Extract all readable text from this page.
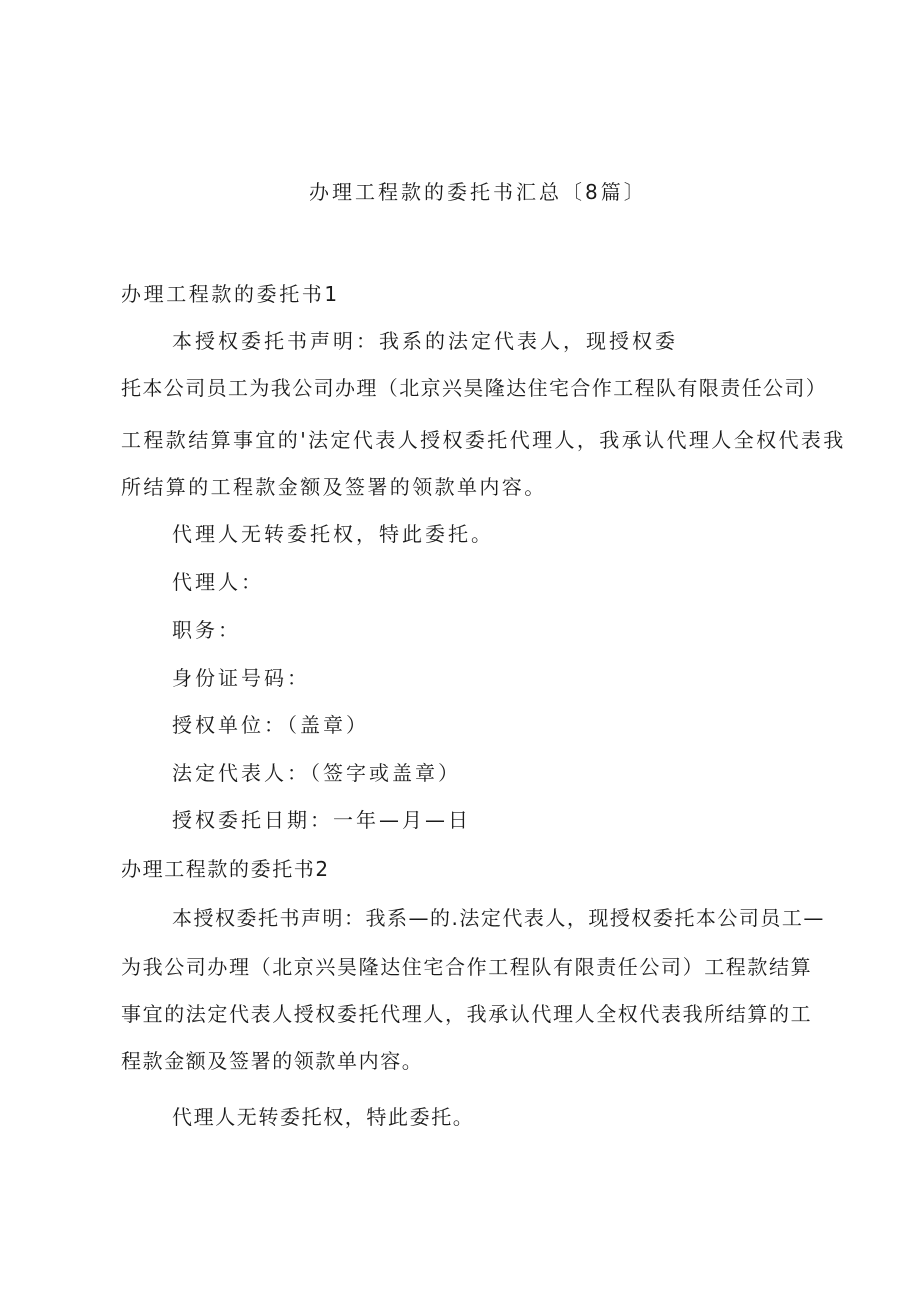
办理工程款的委托书汇总〔8篇〕
办理工程款的委托书1
本授权委托书声明：我系的法定代表人，现授权委
托本公司员工为我公司办理（北京兴昊隆达住宅合作工程队有限责任公司）
工程款结算事宜的'法定代表人授权委托代理人，我承认代理人全权代表我
所结算的工程款金额及签署的领款单内容。
代理人无转委托权，特此委托。
代理人：
职务：
身份证号码：
授权单位：（盖章）
法定代表人：（签字或盖章）
授权委托日期：一年—月—日
办理工程款的委托书2
本授权委托书声明：我系—的.法定代表人，现授权委托本公司员工—
为我公司办理（北京兴昊隆达住宅合作工程队有限责任公司）工程款结算
事宜的法定代表人授权委托代理人，我承认代理人全权代表我所结算的工
程款金额及签署的领款单内容。
代理人无转委托权，特此委托。
